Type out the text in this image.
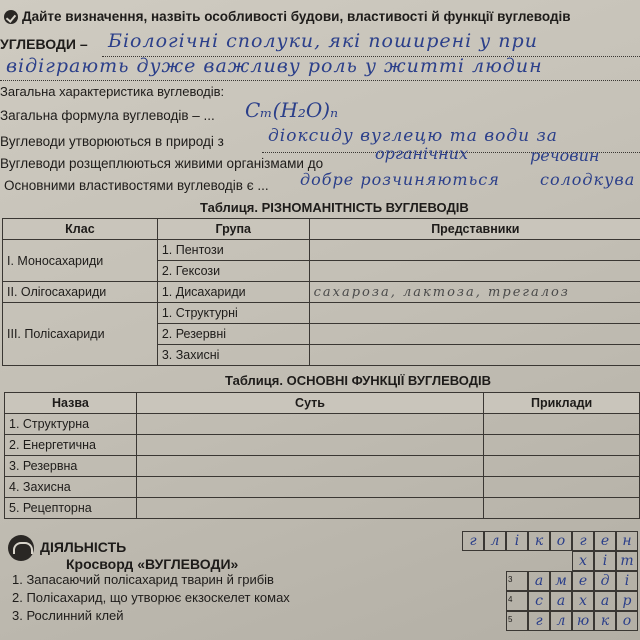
Дайте визначення, назвіть особливості будови, властивості й функції вуглеводів
УГЛЕВОДИ – Біологічні сполуки, які поширені у при
відіграють дуже важливу роль у житті людин
Загальна характеристика вуглеводів:
Загальна формула вуглеводів – ... Cₘ(H₂O)ₙ
Вуглеводи утворюються в природі з	діоксиду вуглецю та води за
Вуглеводи розщеплюються живими організмами до
органічних	речовин
Основними властивостями вуглеводів є ... добре розчиняються	солодкува
Таблиця. РІЗНОМАНІТНІСТЬ ВУГЛЕВОДІВ
Клас	Група	Представники
І. Моносахариди	1. Пентози	
	2. Гексози	
ІІ. Олігосахариди	1. Дисахариди	сахароза, лактоза, трегалоз
ІІІ. Полісахариди	1. Структурні	
	2. Резервні	
	3. Захисні	
Таблиця. ОСНОВНІ ФУНКЦІЇ ВУГЛЕВОДІВ
Назва	Суть	Приклади
1. Структурна		
2. Енергетична		
3. Резервна		
4. Захисна		
5. Рецепторна		
ДІЯЛЬНІСТЬ
Кросворд «ВУГЛЕВОДИ»
1. Запасаючий полісахарид тварин й грибів
2. Полісахарид, що утворює екзоскелет комах
3. Рослинний клей
г	л	і	к о	г	е н
х	і т
3	а м е д	і
4	с а х а р
5	г	л ю к о
